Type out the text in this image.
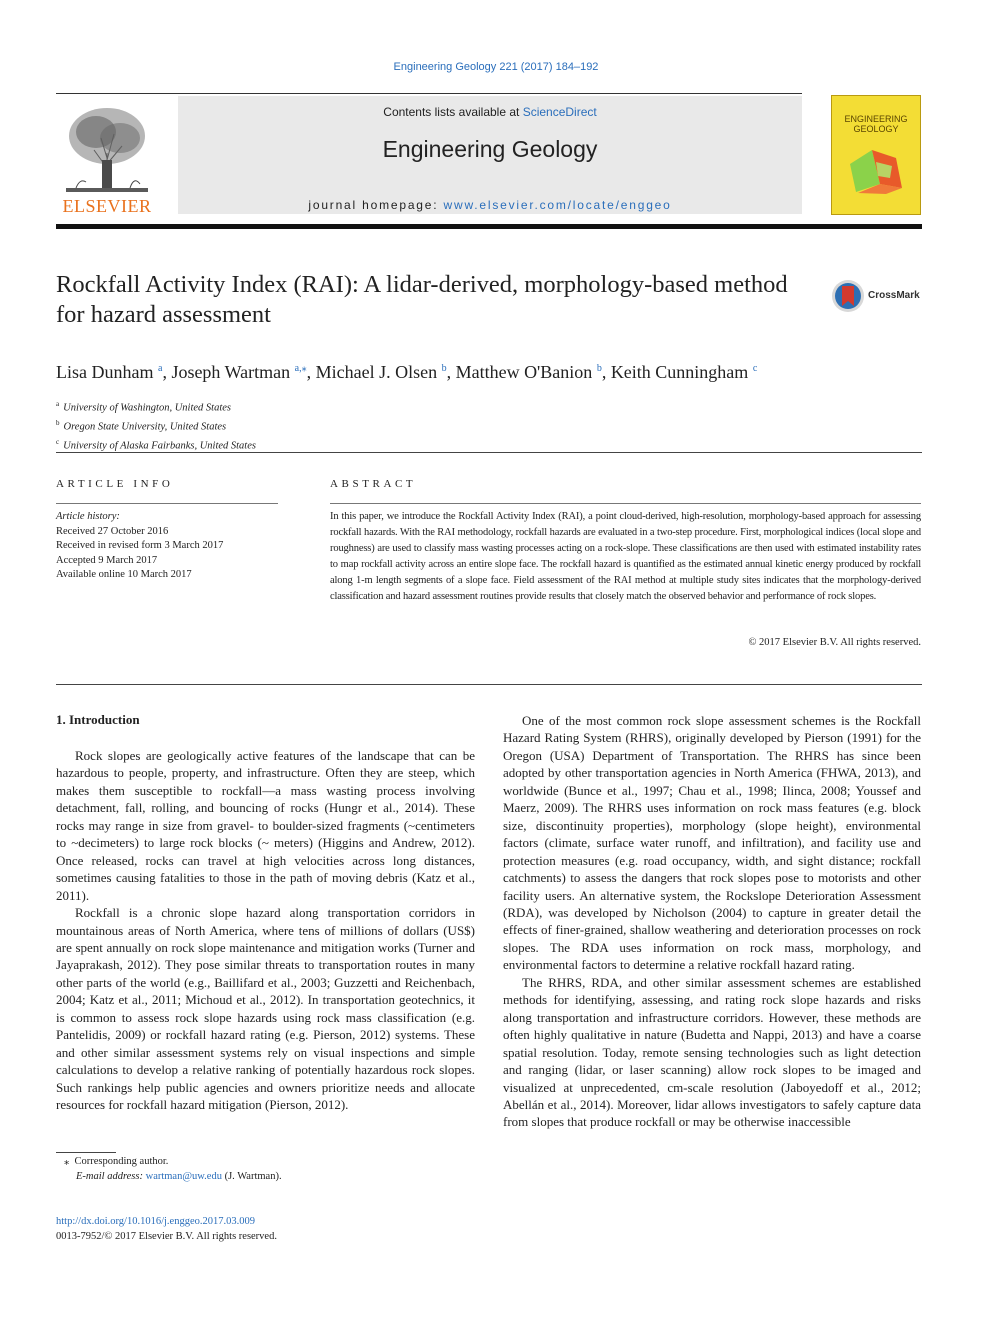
Engineering Geology 221 (2017) 184–192
ELSEVIER
Contents lists available at ScienceDirect
Engineering Geology
journal homepage: www.elsevier.com/locate/enggeo
ENGINEERING
GEOLOGY
Rockfall Activity Index (RAI): A lidar-derived, morphology-based method for hazard assessment
CrossMark
Lisa Dunham $^a$, Joseph Wartman $^{a,⁎}$, Michael J. Olsen $^b$, Matthew O'Banion $^b$, Keith Cunningham $^c$
$^a$ University of Washington, United States
$^b$ Oregon State University, United States
$^c$ University of Alaska Fairbanks, United States
ARTICLE INFO
Article history:
Received 27 October 2016
Received in revised form 3 March 2017
Accepted 9 March 2017
Available online 10 March 2017
ABSTRACT
In this paper, we introduce the Rockfall Activity Index (RAI), a point cloud-derived, high-resolution, morphology-based approach for assessing rockfall hazards. With the RAI methodology, rockfall hazards are evaluated in a two-step procedure. First, morphological indices (local slope and roughness) are used to classify mass wasting processes acting on a rock-slope. These classifications are then used with estimated instability rates to map rockfall activity across an entire slope face. The rockfall hazard is quantified as the estimated annual kinetic energy produced by rockfall along 1-m length segments of a slope face. Field assessment of the RAI method at multiple study sites indicates that the morphology-derived classification and hazard assessment routines provide results that closely match the observed behavior and performance of rock slopes.
© 2017 Elsevier B.V. All rights reserved.
1. Introduction

Rock slopes are geologically active features of the landscape that can be hazardous to people, property, and infrastructure. Often they are steep, which makes them susceptible to rockfall—a mass wasting process involving detachment, fall, rolling, and bouncing of rocks (Hungr et al., 2014). These rocks may range in size from gravel- to boulder-sized fragments (~centimeters to ~decimeters) to large rock blocks (~ meters) (Higgins and Andrew, 2012). Once released, rocks can travel at high velocities across long distances, sometimes causing fatalities to those in the path of moving debris (Katz et al., 2011).

Rockfall is a chronic slope hazard along transportation corridors in mountainous areas of North America, where tens of millions of dollars (US$) are spent annually on rock slope maintenance and mitigation works (Turner and Jayaprakash, 2012). They pose similar threats to transportation routes in many other parts of the world (e.g., Baillifard et al., 2003; Guzzetti and Reichenbach, 2004; Katz et al., 2011; Michoud et al., 2012). In transportation geotechnics, it is common to assess rock slope hazards using rock mass classification (e.g. Pantelidis, 2009) or rockfall hazard rating (e.g. Pierson, 2012) systems. These and other similar assessment systems rely on visual inspections and simple calculations to develop a relative ranking of potentially hazardous rock slopes. Such rankings help public agencies and owners prioritize needs and allocate resources for rockfall hazard mitigation (Pierson, 2012).

One of the most common rock slope assessment schemes is the Rockfall Hazard Rating System (RHRS), originally developed by Pierson (1991) for the Oregon (USA) Department of Transportation. The RHRS has since been adopted by other transportation agencies in North America (FHWA, 2013), and worldwide (Bunce et al., 1997; Chau et al., 1998; Ilinca, 2008; Youssef and Maerz, 2009). The RHRS uses information on rock mass features (e.g. block size, discontinuity properties), morphology (slope height), environmental factors (climate, surface water runoff, and infiltration), and facility use and protection measures (e.g. road occupancy, width, and sight distance; rockfall catchments) to assess the dangers that rock slopes pose to motorists and other facility users. An alternative system, the Rockslope Deterioration Assessment (RDA), was developed by Nicholson (2004) to capture in greater detail the effects of finer-grained, shallow weathering and deterioration processes on rock slopes. The RDA uses information on rock mass, morphology, and environmental factors to determine a relative rockfall hazard rating.

The RHRS, RDA, and other similar assessment schemes are established methods for identifying, assessing, and rating rock slope hazards and risks along transportation and infrastructure corridors. However, these methods are often highly qualitative in nature (Budetta and Nappi, 2013) and have a coarse spatial resolution. Today, remote sensing technologies such as light detection and ranging (lidar, or laser scanning) allow rock slopes to be imaged and visualized at unprecedented, cm-scale resolution (Jaboyedoff et al., 2012; Abellán et al., 2014). Moreover, lidar allows investigators to safely capture data from slopes that produce rockfall or may be otherwise inaccessible

⁎ Corresponding author.
E-mail address: wartman@uw.edu (J. Wartman).
http://dx.doi.org/10.1016/j.enggeo.2017.03.009
0013-7952/© 2017 Elsevier B.V. All rights reserved.
